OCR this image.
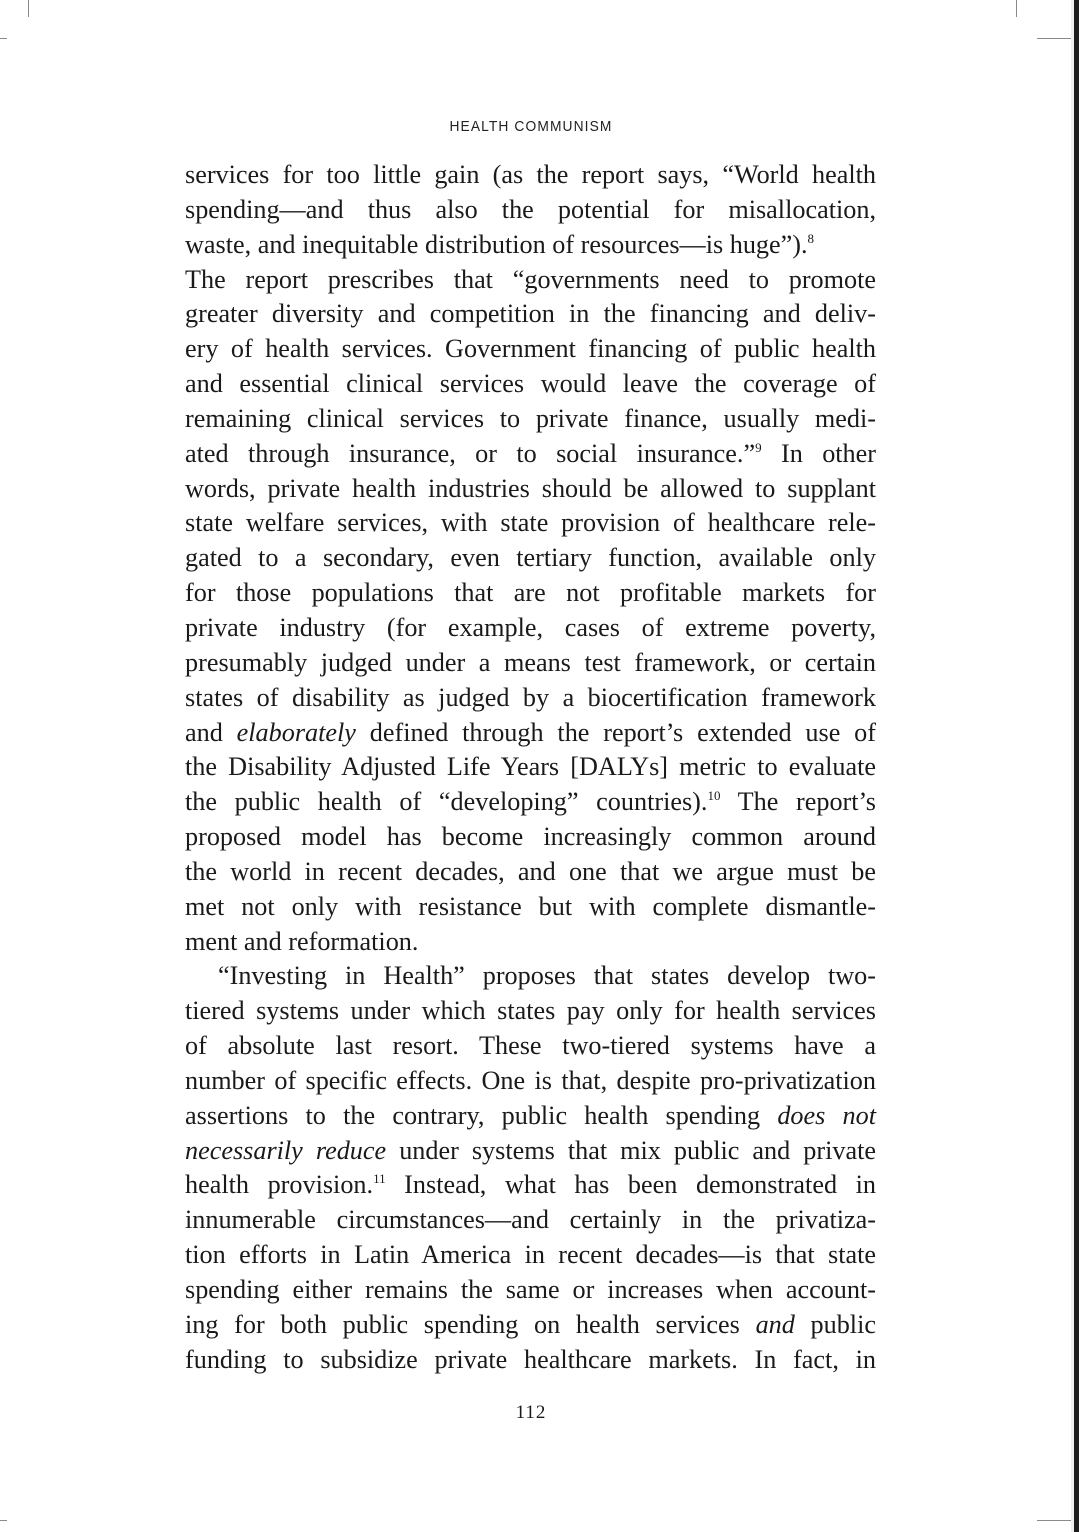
HEALTH COMMUNISM
services for too little gain (as the report says, “World health
spending—and thus also the potential for misallocation,
waste, and inequitable distribution of resources—is huge”).$^8$
The report prescribes that “governments need to promote
greater diversity and competition in the financing and deliv-
ery of health services. Government financing of public health
and essential clinical services would leave the coverage of
remaining clinical services to private finance, usually medi-
ated through insurance, or to social insurance.”$^9$ In other
words, private health industries should be allowed to supplant
state welfare services, with state provision of healthcare rele-
gated to a secondary, even tertiary function, available only
for those populations that are not profitable markets for
private industry (for example, cases of extreme poverty,
presumably judged under a means test framework, or certain
states of disability as judged by a biocertification framework
and elaborately defined through the report’s extended use of
the Disability Adjusted Life Years [DALYs] metric to evaluate
the public health of “developing” countries).$^{10}$ The report’s
proposed model has become increasingly common around
the world in recent decades, and one that we argue must be
met not only with resistance but with complete dismantle-
ment and reformation.
“Investing in Health” proposes that states develop two-
tiered systems under which states pay only for health services
of absolute last resort. These two-tiered systems have a
number of specific effects. One is that, despite pro-privatization
assertions to the contrary, public health spending does not
necessarily reduce under systems that mix public and private
health provision.$^{11}$ Instead, what has been demonstrated in
innumerable circumstances—and certainly in the privatiza-
tion efforts in Latin America in recent decades—is that state
spending either remains the same or increases when account-
ing for both public spending on health services and public
funding to subsidize private healthcare markets. In fact, in
112
